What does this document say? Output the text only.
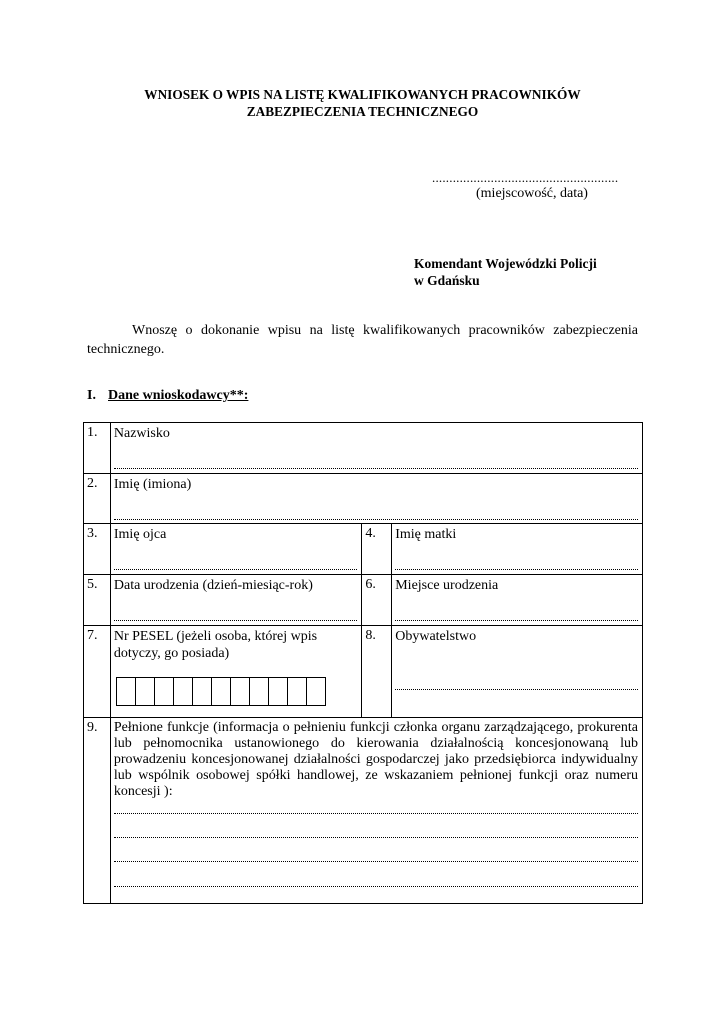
WNIOSEK O WPIS NA LISTĘ KWALIFIKOWANYCH PRACOWNIKÓW
ZABEZPIECZENIA TECHNICZNEGO
......................................................
(miejscowość, data)
Komendant Wojewódzki Policji
w Gdańsku
Wnoszę o dokonanie wpisu na listę kwalifikowanych pracowników zabezpieczenia technicznego.
I. Dane wnioskodawcy**:
1.	Nazwisko		

2.	Imię (imiona)		

3.	Imię ojca	4.	Imię matki

5.	Data urodzenia (dzień-miesiąc-rok)	6.	Miejsce urodzenia

7.	Nr PESEL (jeżeli osoba, której wpis dotyczy, go posiada)	8.	Obywatelstwo

9.	Pełnione funkcje (informacja o pełnieniu funkcji członka organu zarządzającego, prokurenta lub pełnomocnika ustanowionego do kierowania działalnością koncesjonowaną lub prowadzeniu koncesjonowanej działalności gospodarczej jako przedsiębiorca indywidualny lub wspólnik osobowej spółki handlowej, ze wskazaniem pełnionej funkcji oraz numeru koncesji ):		
